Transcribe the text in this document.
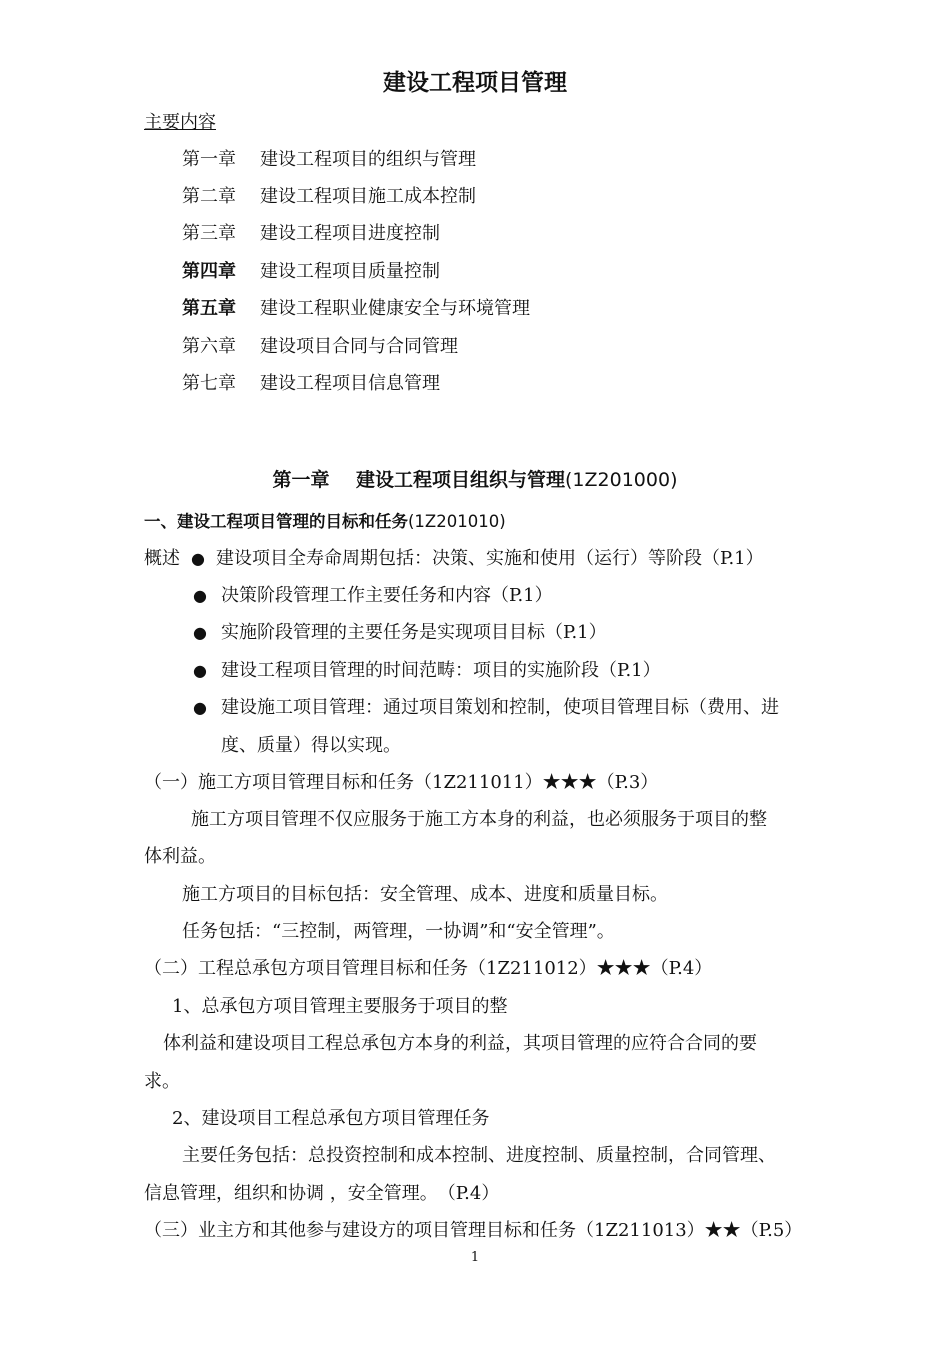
建设工程项目管理
主要内容
第一章 建设工程项目的组织与管理
第二章 建设工程项目施工成本控制
第三章 建设工程项目进度控制
第四章 建设工程项目质量控制
第五章 建设工程职业健康安全与环境管理
第六章 建设项目合同与合同管理
第七章 建设工程项目信息管理
第一章 建设工程项目组织与管理(1Z201000)
一、建设工程项目管理的目标和任务(1Z201010)
概述 ● 建设项目全寿命周期包括：决策、实施和使用（运行）等阶段（P.1）
● 决策阶段管理工作主要任务和内容（P.1）
● 实施阶段管理的主要任务是实现项目目标（P.1）
● 建设工程项目管理的时间范畴：项目的实施阶段（P.1）
● 建设施工项目管理：通过项目策划和控制，使项目管理目标（费用、进
度、质量）得以实现。
（一）施工方项目管理目标和任务（1Z211011）★★★（P.3）
施工方项目管理不仅应服务于施工方本身的利益，也必须服务于项目的整
体利益。
施工方项目的目标包括：安全管理、成本、进度和质量目标。
任务包括：“三控制，两管理，一协调”和“安全管理”。
（二）工程总承包方项目管理目标和任务（1Z211012）★★★（P.4）
1、总承包方项目管理主要服务于项目的整
体利益和建设项目工程总承包方本身的利益，其项目管理的应符合合同的要
求。
2、建设项目工程总承包方项目管理任务
主要任务包括：总投资控制和成本控制、进度控制、质量控制，合同管理、
信息管理，组织和协调 ，安全管理。　（P.4）
（三）业主方和其他参与建设方的项目管理目标和任务（1Z211013）★★（P.5）
1
